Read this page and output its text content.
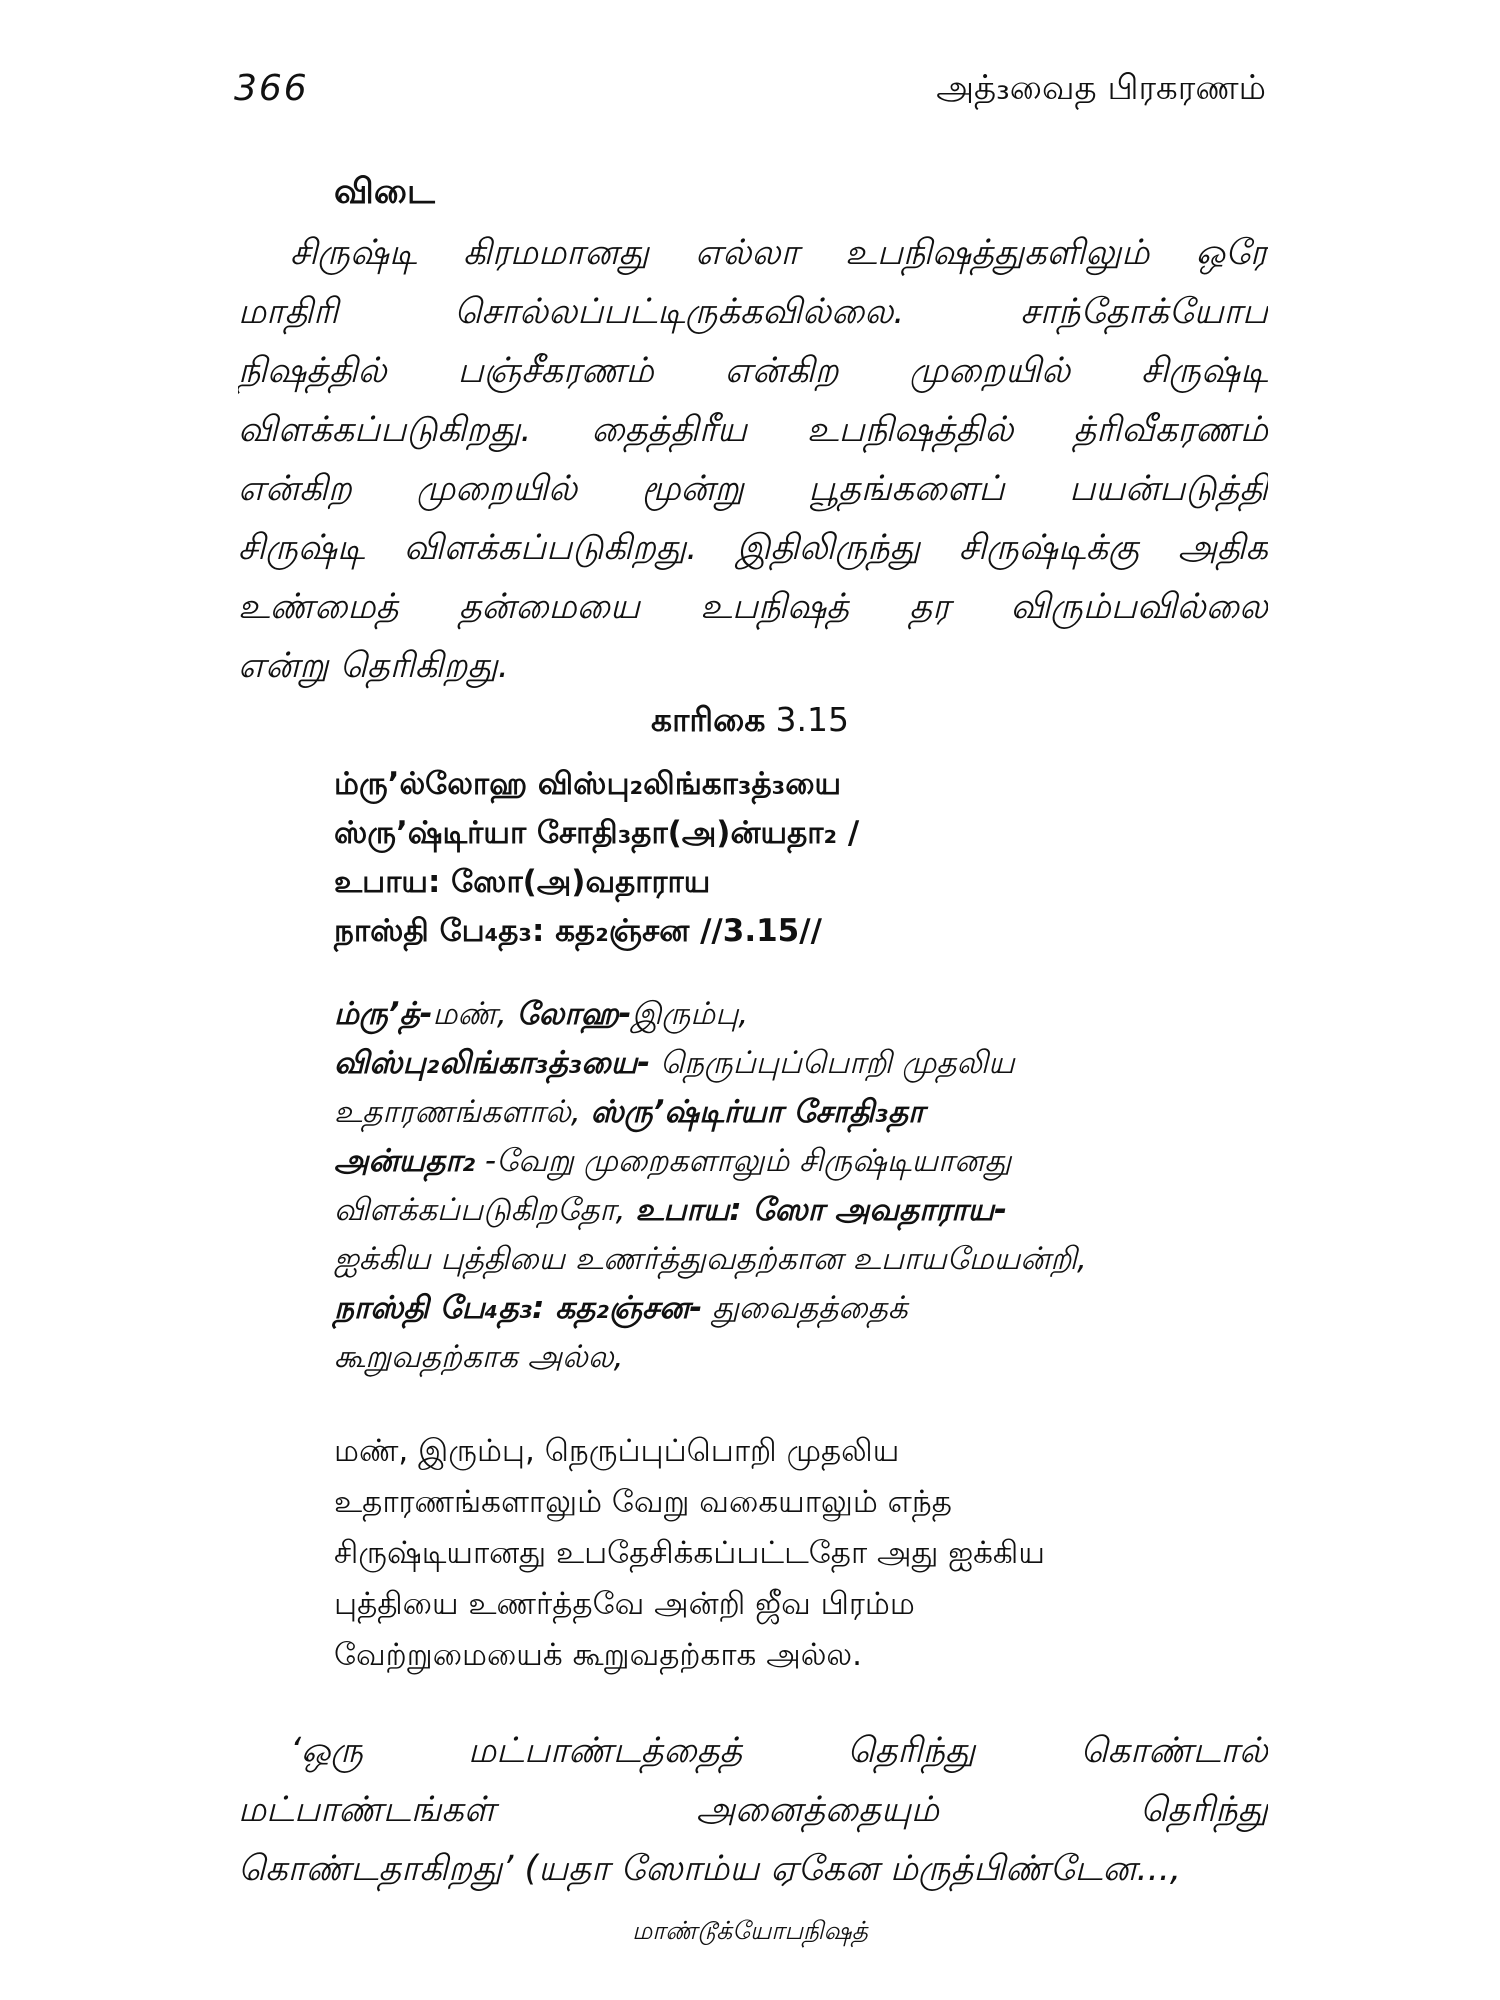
366	அத்₃வைத பிரகரணம்
விடை
சிருஷ்டி கிரமமானது எல்லா உபநிஷத்துகளிலும் ஒரே
மாதிரி சொல்லப்பட்டிருக்கவில்லை. சாந்தோக்யோப
நிஷத்தில் பஞ்சீகரணம் என்கிற முறையில் சிருஷ்டி
விளக்கப்படுகிறது. தைத்திரீய உபநிஷத்தில் த்ரிவீகரணம்
என்கிற முறையில் மூன்று பூதங்களைப் பயன்படுத்தி
சிருஷ்டி விளக்கப்படுகிறது. இதிலிருந்து சிருஷ்டிக்கு அதிக
உண்மைத் தன்மையை உபநிஷத் தர விரும்பவில்லை
என்று தெரிகிறது.
காரிகை 3.15
ம்ரு’ல்லோஹ விஸ்பு₂லிங்கா₃த்₃யை
ஸ்ரு’ஷ்டிர்யா சோதி₃தா(அ)ன்யதா₂ /
உபாய: ஸோ(அ)வதாராய
நாஸ்தி பே₄த₃: கத₂ஞ்சன //3.15//
ம்ரு’த்-மண், லோஹ-இரும்பு,
விஸ்பு₂லிங்கா₃த்₃யை- நெருப்புப்பொறி முதலிய
உதாரணங்களால், ஸ்ரு’ஷ்டிர்யா சோதி₃தா
அன்யதா₂ -வேறு முறைகளாலும் சிருஷ்டியானது
விளக்கப்படுகிறதோ, உபாய: ஸோ அவதாராய-
ஐக்கிய புத்தியை உணர்த்துவதற்கான உபாயமேயன்றி,
நாஸ்தி பே₄த₃: கத₂ஞ்சன- துவைதத்தைக்
கூறுவதற்காக அல்ல,
மண், இரும்பு, நெருப்புப்பொறி முதலிய
உதாரணங்களாலும் வேறு வகையாலும் எந்த
சிருஷ்டியானது உபதேசிக்கப்பட்டதோ அது ஐக்கிய
புத்தியை உணர்த்தவே அன்றி ஜீவ பிரம்ம
வேற்றுமையைக் கூறுவதற்காக அல்ல.
‘ஒரு மட்பாண்டத்தைத் தெரிந்து கொண்டால்
மட்பாண்டங்கள் அனைத்தையும் தெரிந்து
கொண்டதாகிறது’ (யதா ஸோம்ய ஏகேன ம்ருத்பிண்டேன...,
மாண்டூக்யோபநிஷத்
